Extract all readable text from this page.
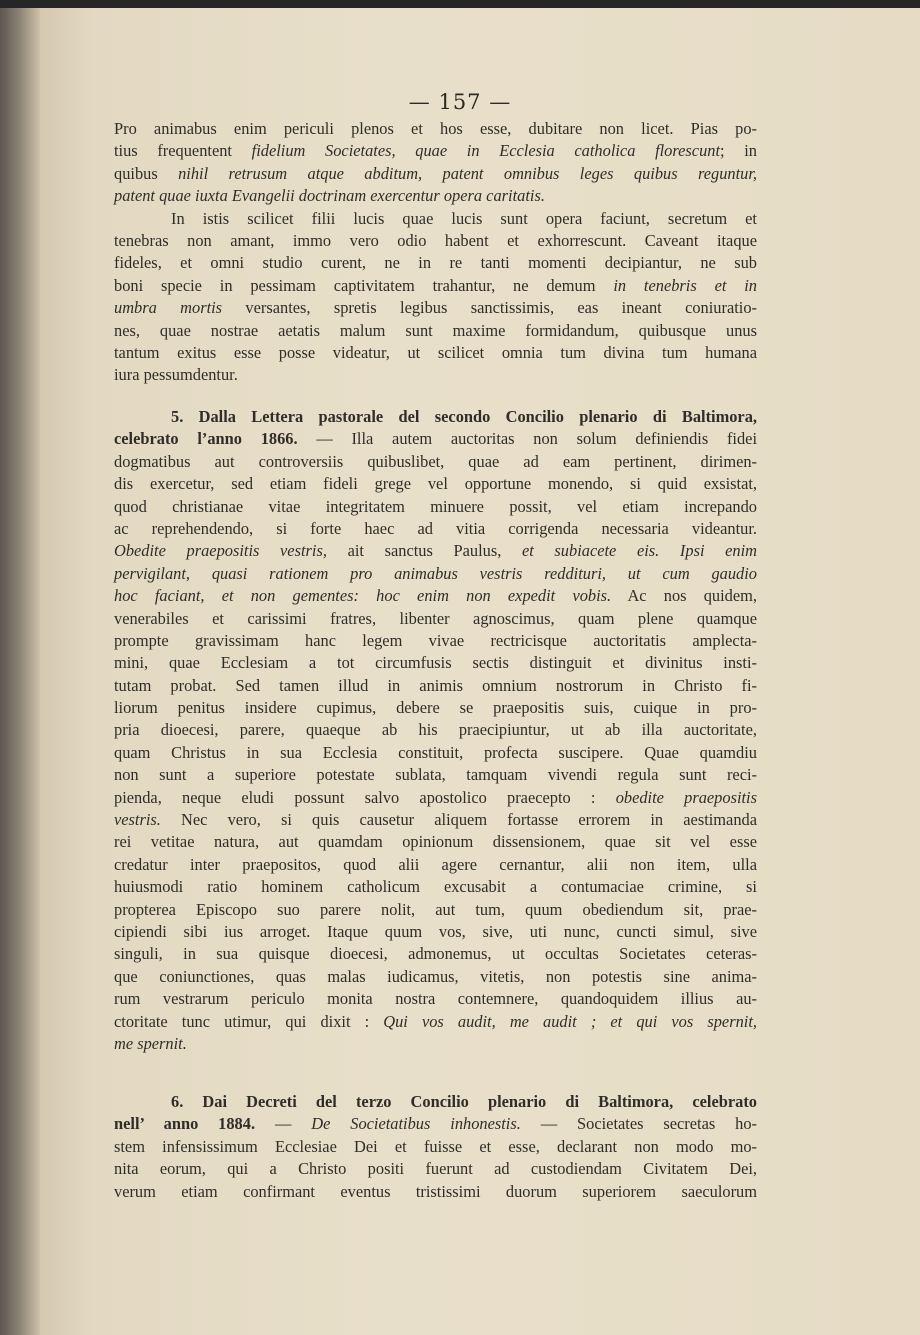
— 157 —
Pro animabus enim periculi plenos et hos esse, dubitare non licet. Pias po-
tius frequentent fidelium Societates, quae in Ecclesia catholica florescunt; in
quibus nihil retrusum atque abditum, patent omnibus leges quibus reguntur,
patent quae iuxta Evangelii doctrinam exercentur opera caritatis.
In istis scilicet filii lucis quae lucis sunt opera faciunt, secretum et
tenebras non amant, immo vero odio habent et exhorrescunt. Caveant itaque
fideles, et omni studio curent, ne in re tanti momenti decipiantur, ne sub
boni specie in pessimam captivitatem trahantur, ne demum in tenebris et in
umbra mortis versantes, spretis legibus sanctissimis, eas ineant coniuratio-
nes, quae nostrae aetatis malum sunt maxime formidandum, quibusque unus
tantum exitus esse posse videatur, ut scilicet omnia tum divina tum humana
iura pessumdentur.
5. Dalla Lettera pastorale del secondo Concilio plenario di Baltimora,
celebrato l’anno 1866. — Illa autem auctoritas non solum definiendis fidei
dogmatibus aut controversiis quibuslibet, quae ad eam pertinent, dirimen-
dis exercetur, sed etiam fideli grege vel opportune monendo, si quid exsistat,
quod christianae vitae integritatem minuere possit, vel etiam increpando
ac reprehendendo, si forte haec ad vitia corrigenda necessaria videantur.
Obedite praepositis vestris, ait sanctus Paulus, et subiacete eis. Ipsi enim
pervigilant, quasi rationem pro animabus vestris reddituri, ut cum gaudio
hoc faciant, et non gementes: hoc enim non expedit vobis. Ac nos quidem,
venerabiles et carissimi fratres, libenter agnoscimus, quam plene quamque
prompte gravissimam hanc legem vivae rectricisque auctoritatis amplecta-
mini, quae Ecclesiam a tot circumfusis sectis distinguit et divinitus insti-
tutam probat. Sed tamen illud in animis omnium nostrorum in Christo fi-
liorum penitus insidere cupimus, debere se praepositis suis, cuique in pro-
pria dioecesi, parere, quaeque ab his praecipiuntur, ut ab illa auctoritate,
quam Christus in sua Ecclesia constituit, profecta suscipere. Quae quamdiu
non sunt a superiore potestate sublata, tamquam vivendi regula sunt reci-
pienda, neque eludi possunt salvo apostolico praecepto : obedite praepositis
vestris. Nec vero, si quis causetur aliquem fortasse errorem in aestimanda
rei vetitae natura, aut quamdam opinionum dissensionem, quae sit vel esse
credatur inter praepositos, quod alii agere cernantur, alii non item, ulla
huiusmodi ratio hominem catholicum excusabit a contumaciae crimine, si
propterea Episcopo suo parere nolit, aut tum, quum obediendum sit, prae-
cipiendi sibi ius arroget. Itaque quum vos, sive, uti nunc, cuncti simul, sive
singuli, in sua quisque dioecesi, admonemus, ut occultas Societates ceteras-
que coniunctiones, quas malas iudicamus, vitetis, non potestis sine anima-
rum vestrarum periculo monita nostra contemnere, quandoquidem illius au-
ctoritate tunc utimur, qui dixit : Qui vos audit, me audit ; et qui vos spernit,
me spernit.
6. Dai Decreti del terzo Concilio plenario di Baltimora, celebrato
nell’ anno 1884. — De Societatibus inhonestis. — Societates secretas ho-
stem infensissimum Ecclesiae Dei et fuisse et esse, declarant non modo mo-
nita eorum, qui a Christo positi fuerunt ad custodiendam Civitatem Dei,
verum etiam confirmant eventus tristissimi duorum superiorem saeculorum
